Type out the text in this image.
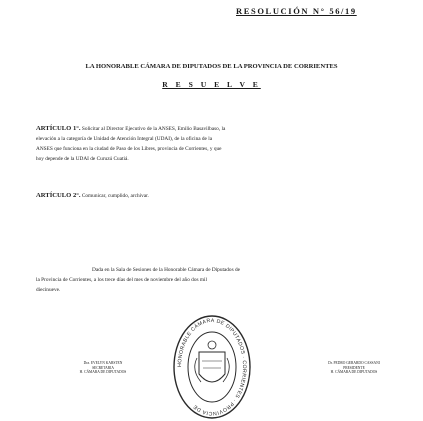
RESOLUCIÓN N° 56/19
LA HONORABLE CÁMARA DE DIPUTADOS DE LA PROVINCIA DE CORRIENTES
R E S U E L V E

ARTÍCULO 1°. Solicitar al Director Ejecutivo de la ANSES, Emilio Basavilbaso, la

elevación a la categoría de Unidad de Atención Integral (UDAI), de la oficina de la

ANSES que funciona en la ciudad de Paso de los Libres, provincia de Corrientes, y que

hoy depende de la UDAI de Curuzú Cuatiá.

ARTÍCULO 2°. Comunicar, cumplido, archivar.

Dada en la Sala de Sesiones de la Honorable Cámara de Diputados de

la Provincia de Corrientes, a los trece días del mes de noviembre del año dos mil

diecinueve.

Dra. EVELYN KARSTEN
SECRETARIA
H. CÁMARA DE DIPUTADOS
Dr. PEDRO GERARDO CASSANI
PRESIDENTE
H. CÁMARA DE DIPUTADOS
HONORABLE CÁMARA DE DIPUTADOS · CORRIENTES · PROVINCIA DE
